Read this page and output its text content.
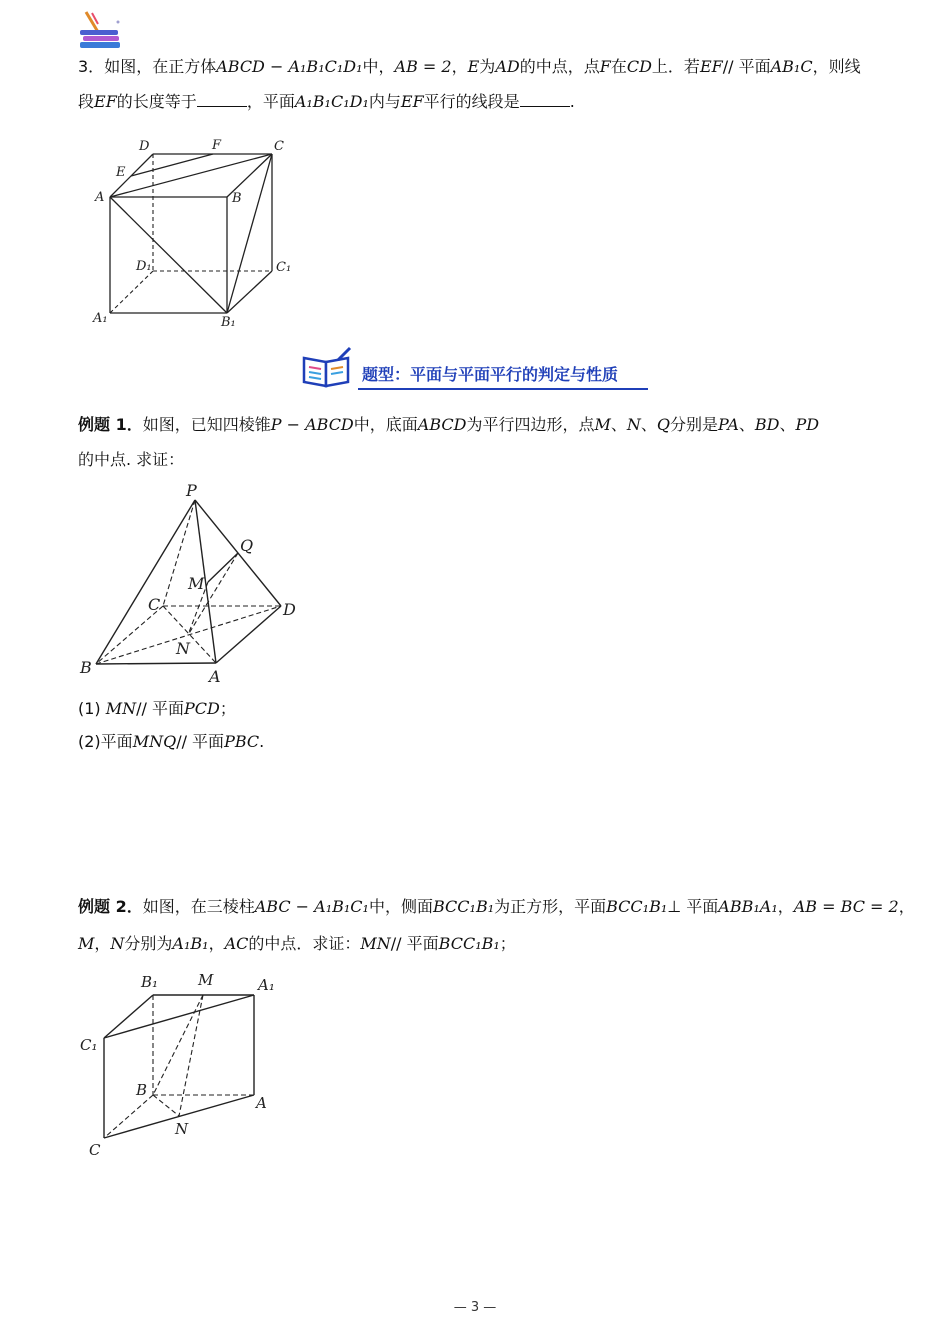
3．如图，在正方体ABCD − A₁B₁C₁D₁中，AB = 2，E为AD的中点，点F在CD上．若EF// 平面AB₁C，则线
段EF的长度等于	，平面A₁B₁C₁D₁内与EF平行的线段是	.
D	F	C
E
A	B
D₁	C₁
A₁	B₁
题型：平面与平面平行的判定与性质
例题 1．如图，已知四棱锥P − ABCD中，底面ABCD为平行四边形，点M、N、Q分别是PA、BD、PD
的中点. 求证：
P
Q
M
C	D
N
B	A
(1) MN// 平面PCD；
(2)平面MNQ// 平面PBC.
例题 2．如图，在三棱柱ABC − A₁B₁C₁中，侧面BCC₁B₁为正方形，平面BCC₁B₁⊥ 平面ABB₁A₁，AB = BC = 2，
M，N分别为A₁B₁，AC的中点．求证：MN// 平面BCC₁B₁；
B₁	M	A₁
C₁
B
A
N
C
— 3 —
